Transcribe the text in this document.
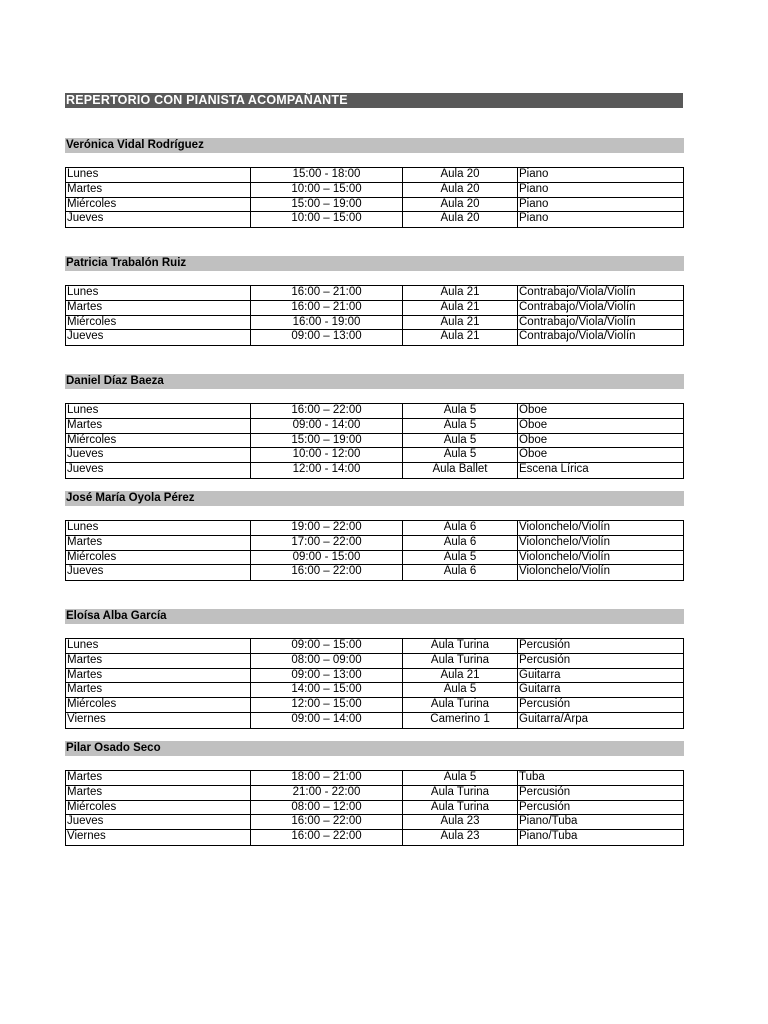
REPERTORIO CON PIANISTA ACOMPAÑANTE
Verónica Vidal Rodríguez
Lunes	15:00 - 18:00	Aula 20	Piano
Martes	10:00 – 15:00	Aula 20	Piano
Miércoles	15:00 – 19:00	Aula 20	Piano
Jueves	10:00 – 15:00	Aula 20	Piano
Patricia Trabalón Ruiz
Lunes	16:00 – 21:00	Aula 21	Contrabajo/Viola/Violín
Martes	16:00 – 21:00	Aula 21	Contrabajo/Viola/Violín
Miércoles	16:00 - 19:00	Aula 21	Contrabajo/Viola/Violín
Jueves	09:00 – 13:00	Aula 21	Contrabajo/Viola/Violín
Daniel Díaz Baeza
Lunes	16:00 – 22:00	Aula 5	Oboe
Martes	09:00 - 14:00	Aula 5	Oboe
Miércoles	15:00 – 19:00	Aula 5	Oboe
Jueves	10:00 - 12:00	Aula 5	Oboe
Jueves	12:00 - 14:00	Aula Ballet	Escena Lírica
José María Oyola Pérez
Lunes	19:00 – 22:00	Aula 6	Violonchelo/Violín
Martes	17:00 – 22:00	Aula 6	Violonchelo/Violín
Miércoles	09:00 - 15:00	Aula 5	Violonchelo/Violín
Jueves	16:00 – 22:00	Aula 6	Violonchelo/Violín
Eloísa Alba García
Lunes	09:00 – 15:00	Aula Turina	Percusión
Martes	08:00 – 09:00	Aula Turina	Percusión
Martes	09:00 – 13:00	Aula 21	Guitarra
Martes	14:00 – 15:00	Aula 5	Guitarra
Miércoles	12:00 – 15:00	Aula Turina	Percusión
Viernes	09:00 – 14:00	Camerino 1	Guitarra/Arpa
Pilar Osado Seco
Martes	18:00 – 21:00	Aula 5	Tuba
Martes	21:00 - 22:00	Aula Turina	Percusión
Miércoles	08:00 – 12:00	Aula Turina	Percusión
Jueves	16:00 – 22:00	Aula 23	Piano/Tuba
Viernes	16:00 – 22:00	Aula 23	Piano/Tuba
